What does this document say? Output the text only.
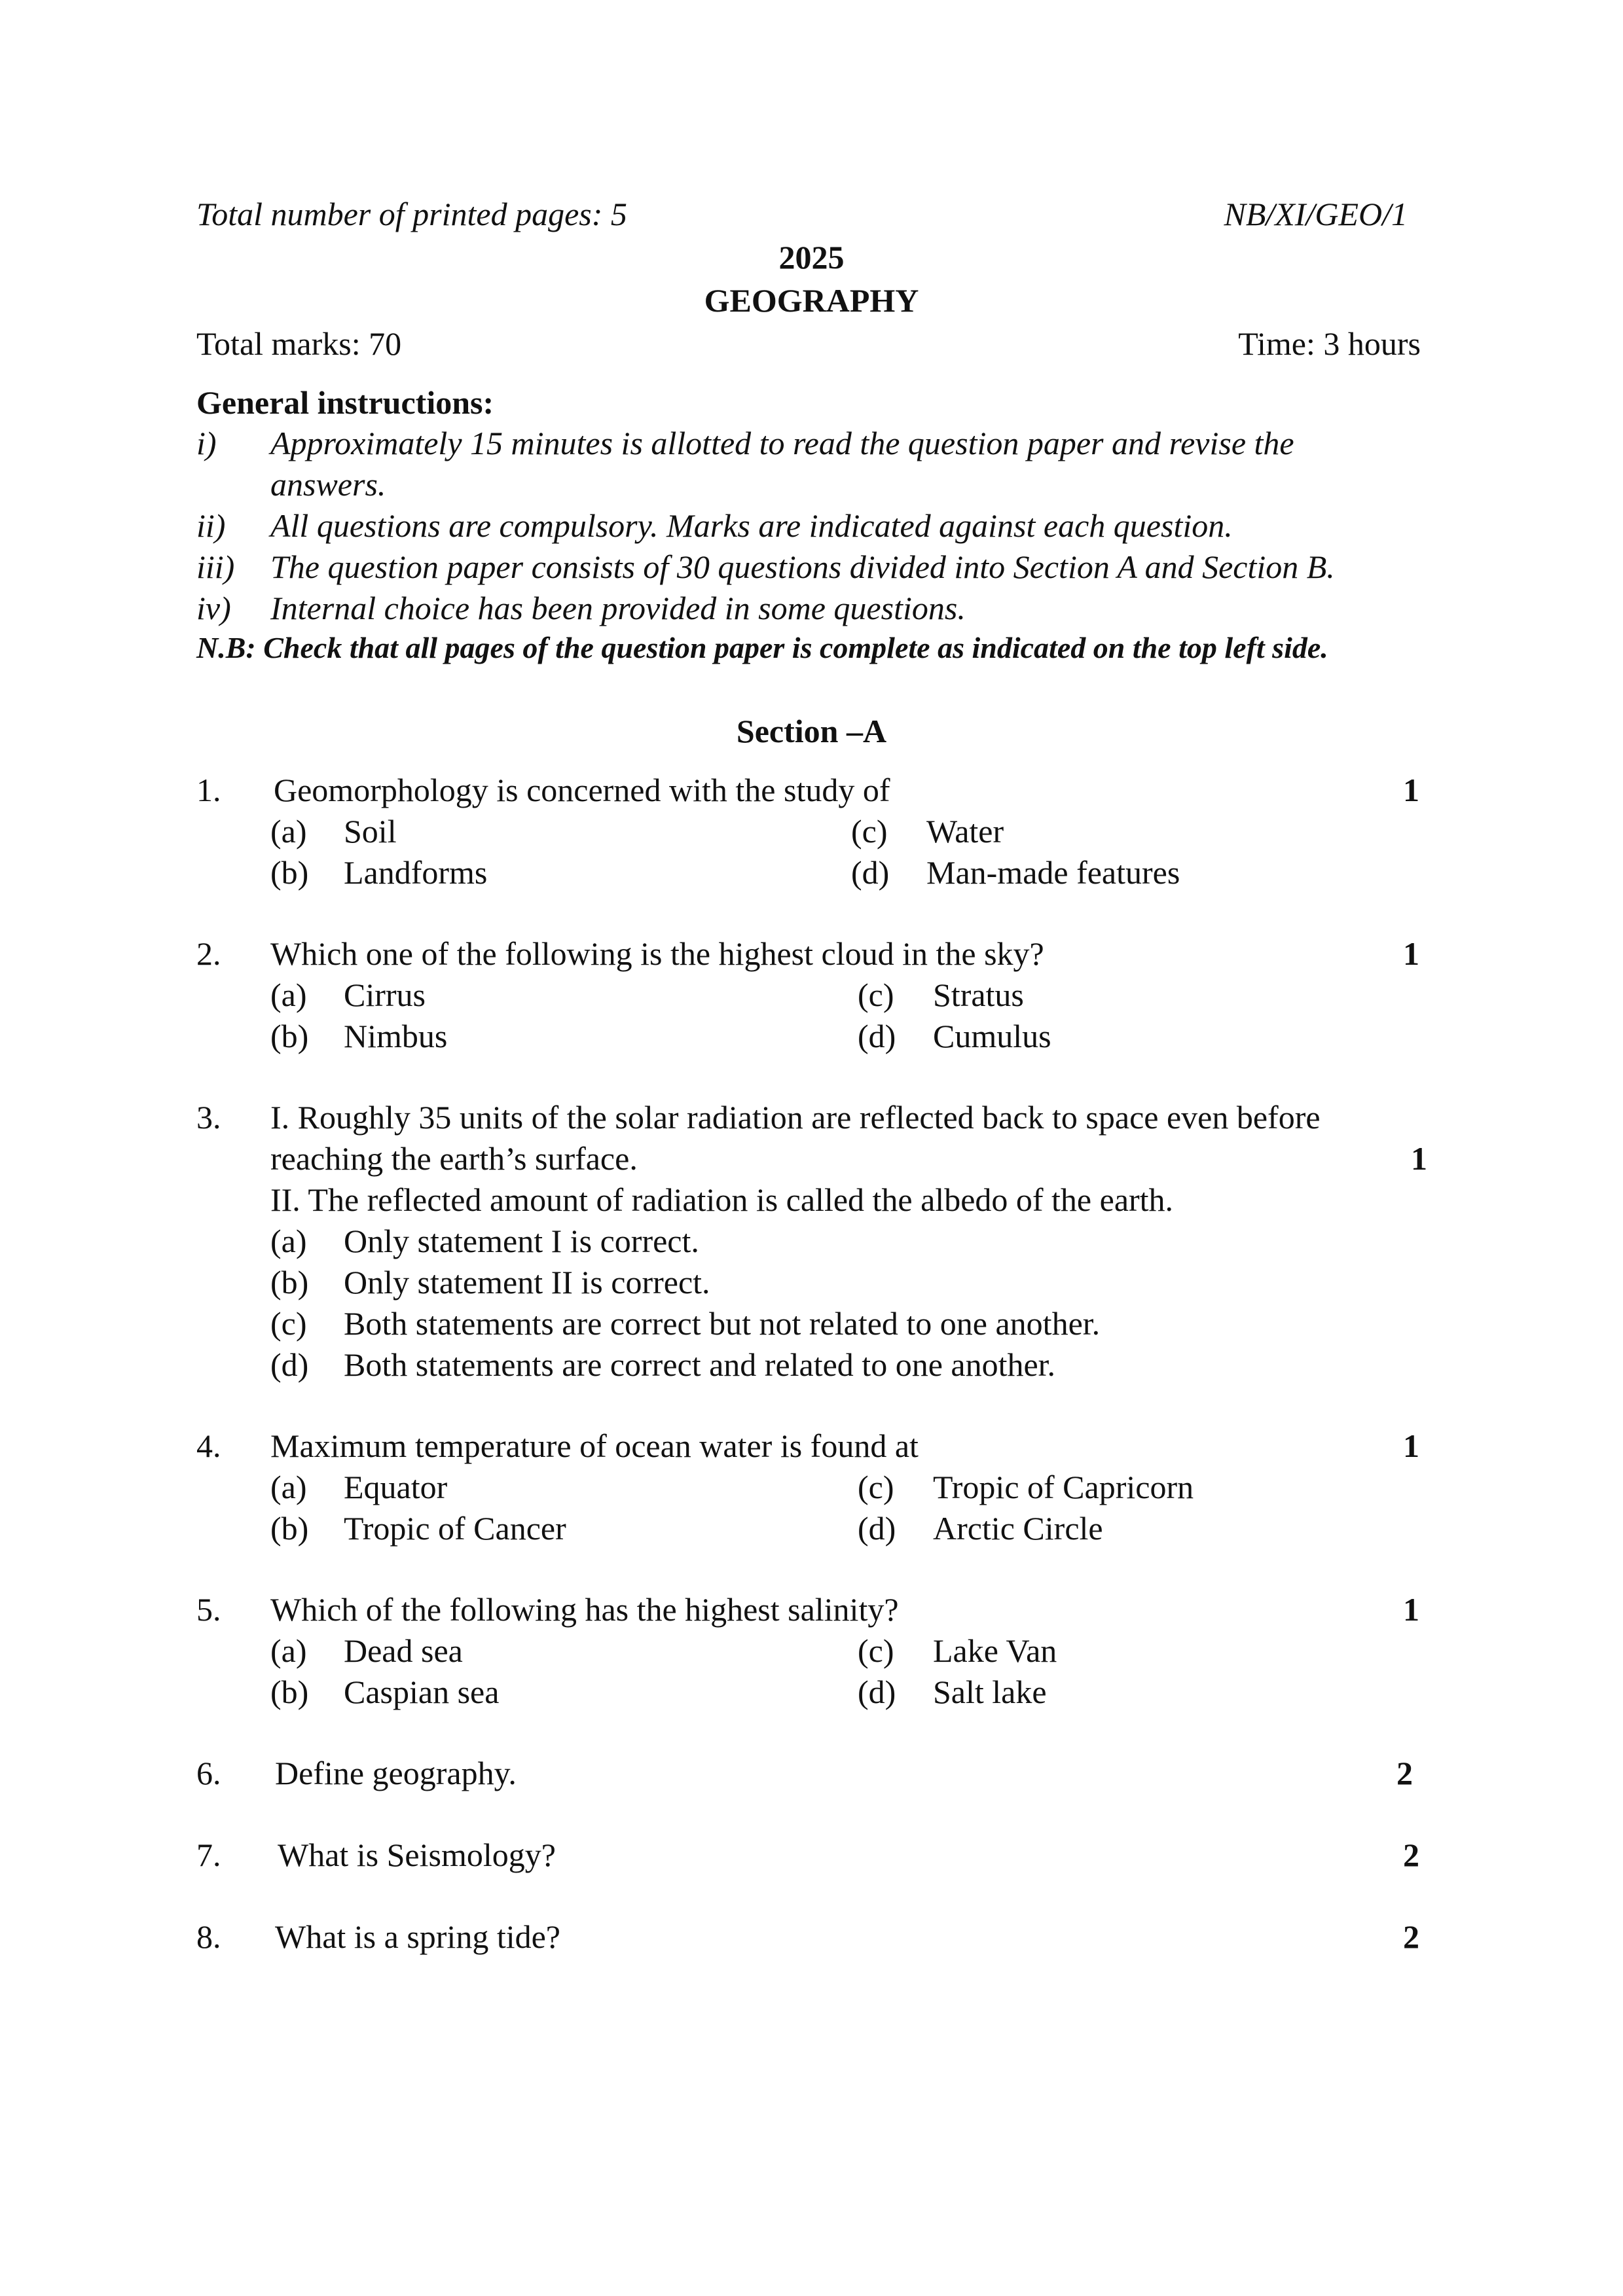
Total number of printed pages: 5	NB/XI/GEO/1
2025
GEOGRAPHY
Total marks: 70	Time: 3 hours
General instructions:
i) Approximately 15 minutes is allotted to read the question paper and revise the
answers.
ii) All questions are compulsory. Marks are indicated against each question.
iii) The question paper consists of 30 questions divided into Section A and Section B.
iv) Internal choice has been provided in some questions.
N.B: Check that all pages of the question paper is complete as indicated on the top left side.
Section –A
1. Geomorphology is concerned with the study of	1
(a) Soil	(c) Water
(b) Landforms	(d) Man-made features
2. Which one of the following is the highest cloud in the sky?	1
(a) Cirrus	(c) Stratus
(b) Nimbus	(d) Cumulus
3. I. Roughly 35 units of the solar radiation are reflected back to space even before
reaching the earth’s surface.	1
II. The reflected amount of radiation is called the albedo of the earth.
(a) Only statement I is correct.
(b) Only statement II is correct.
(c) Both statements are correct but not related to one another.
(d) Both statements are correct and related to one another.
4. Maximum temperature of ocean water is found at	1
(a) Equator	(c) Tropic of Capricorn
(b) Tropic of Cancer	(d) Arctic Circle
5. Which of the following has the highest salinity?	1
(a) Dead sea	(c) Lake Van
(b) Caspian sea	(d) Salt lake
6. Define geography.	2
7. What is Seismology?	2
8. What is a spring tide?	2
